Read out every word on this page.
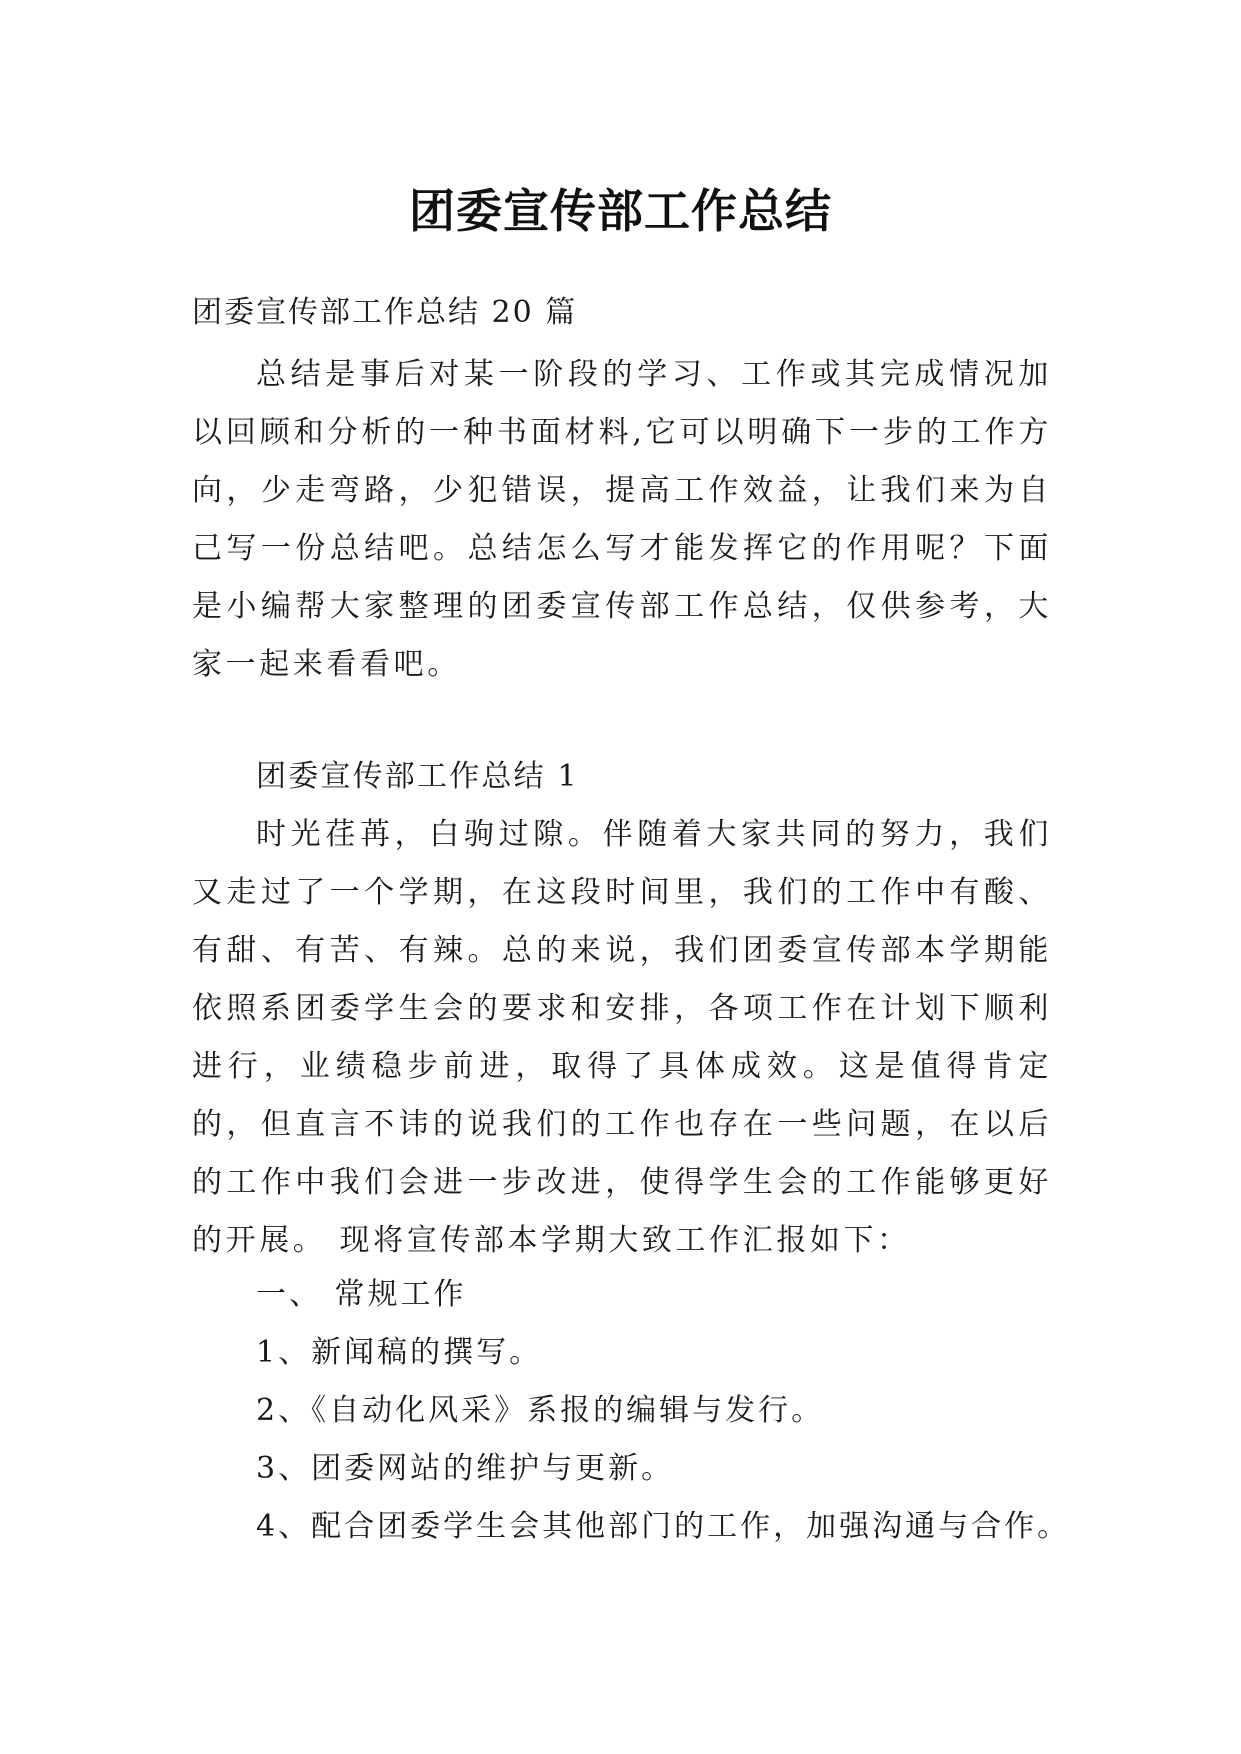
团委宣传部工作总结
团委宣传部工作总结 20 篇

总结是事后对某一阶段的学习、工作或其完成情况加以回顾和分析的一种书面材料,它可以明确下一步的工作方向，少走弯路，少犯错误，提高工作效益，让我们来为自己写一份总结吧。总结怎么写才能发挥它的作用呢？下面是小编帮大家整理的团委宣传部工作总结，仅供参考，大家一起来看看吧。

团委宣传部工作总结 1

时光荏苒，白驹过隙。伴随着大家共同的努力，我们又走过了一个学期，在这段时间里，我们的工作中有酸、有甜、有苦、有辣。总的来说，我们团委宣传部本学期能依照系团委学生会的要求和安排，各项工作在计划下顺利进行，业绩稳步前进，取得了具体成效。这是值得肯定的，但直言不讳的说我们的工作也存在一些问题，在以后的工作中我们会进一步改进，使得学生会的工作能够更好的开展。 现将宣传部本学期大致工作汇报如下：

一、 常规工作
1、新闻稿的撰写。
2、《自动化风采》系报的编辑与发行。
3、团委网站的维护与更新。
4、配合团委学生会其他部门的工作，加强沟通与合作。
